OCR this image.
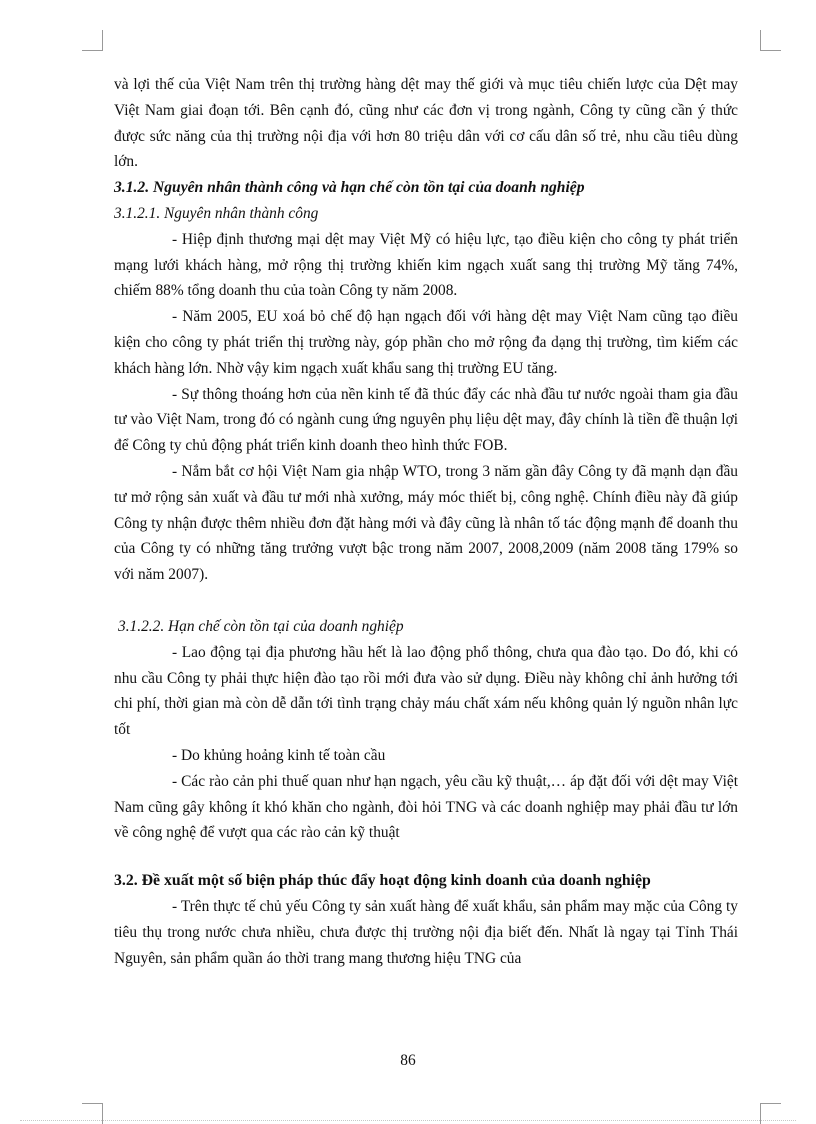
và lợi thế của Việt Nam trên thị trường hàng dệt may thế giới và mục tiêu chiến lược của Dệt may Việt Nam giai đoạn tới. Bên cạnh đó, cũng như các đơn vị trong ngành, Công ty cũng cần ý thức được sức năng của thị trường nội địa với hơn 80 triệu dân với cơ cấu dân số trẻ, nhu cầu tiêu dùng lớn.

3.1.2. Nguyên nhân thành công và hạn chế còn tồn tại của doanh nghiệp

3.1.2.1. Nguyên nhân thành công

- Hiệp định thương mại dệt may Việt Mỹ có hiệu lực, tạo điều kiện cho công ty phát triển mạng lưới khách hàng, mở rộng thị trường khiến kim ngạch xuất sang thị trường Mỹ tăng 74%, chiếm 88% tổng doanh thu của toàn Công ty năm 2008.

- Năm 2005, EU xoá bỏ chế độ hạn ngạch đối với hàng dệt may Việt Nam cũng tạo điều kiện cho công ty phát triển thị trường này, góp phần cho mở rộng đa dạng thị trường, tìm kiếm các khách hàng lớn. Nhờ vậy kim ngạch xuất khẩu sang thị trường EU tăng.

- Sự thông thoáng hơn của nền kinh tế đã thúc đẩy các nhà đầu tư nước ngoài tham gia đầu tư vào Việt Nam, trong đó có ngành cung ứng nguyên phụ liệu dệt may, đây chính là tiền đề thuận lợi để Công ty chủ động phát triển kinh doanh theo hình thức FOB.

- Nắm bắt cơ hội Việt Nam gia nhập WTO, trong 3 năm gần đây Công ty đã mạnh dạn đầu tư mở rộng sản xuất và đầu tư mới nhà xưởng, máy móc thiết bị, công nghệ. Chính điều này đã giúp Công ty nhận được thêm nhiều đơn đặt hàng mới và đây cũng là nhân tố tác động mạnh để doanh thu của Công ty có những tăng trưởng vượt bậc trong năm 2007, 2008,2009 (năm 2008 tăng 179% so với năm 2007).

3.1.2.2. Hạn chế còn tồn tại của doanh nghiệp

- Lao động tại địa phương hầu hết là lao động phổ thông, chưa qua đào tạo. Do đó, khi có nhu cầu Công ty phải thực hiện đào tạo rồi mới đưa vào sử dụng. Điều này không chỉ ảnh hưởng tới chi phí, thời gian mà còn dễ dẫn tới tình trạng chảy máu chất xám nếu không quản lý nguồn nhân lực tốt

- Do khủng hoảng kinh tế toàn cầu

- Các rào cản phi thuế quan như hạn ngạch, yêu cầu kỹ thuật,… áp đặt đối với dệt may Việt Nam cũng gây không ít khó khăn cho ngành, đòi hỏi TNG và các doanh nghiệp may phải đầu tư lớn về công nghệ để vượt qua các rào cản kỹ thuật

3.2. Đề xuất một số biện pháp thúc đẩy hoạt động kinh doanh của doanh nghiệp

- Trên thực tế chủ yếu Công ty sản xuất hàng để xuất khẩu, sản phẩm may mặc của Công ty tiêu thụ trong nước chưa nhiều, chưa được thị trường nội địa biết đến. Nhất là ngay tại Tỉnh Thái Nguyên, sản phẩm quần áo thời trang mang thương hiệu TNG của

86
